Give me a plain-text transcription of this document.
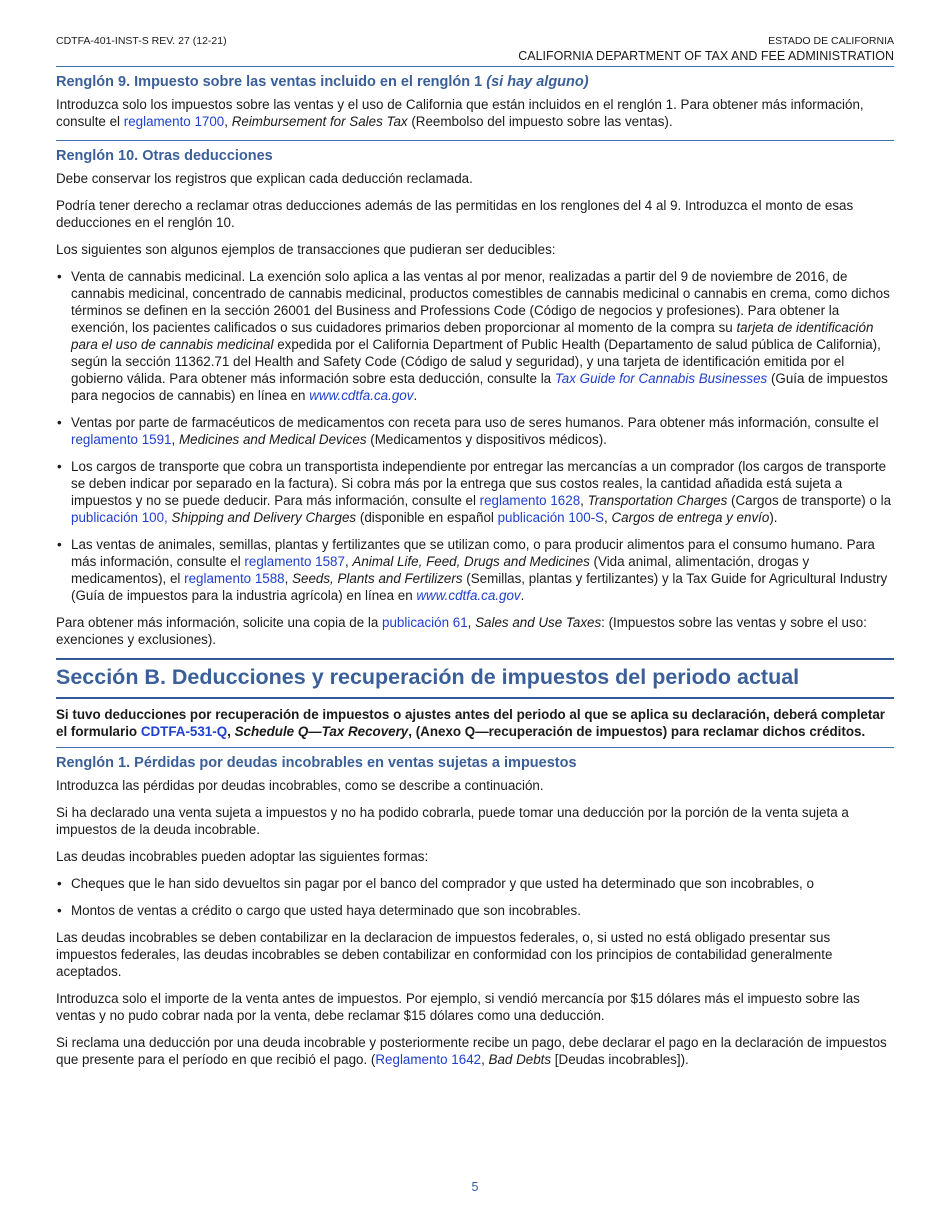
CDTFA-401-INST-S REV. 27 (12-21)	ESTADO DE CALIFORNIA
CALIFORNIA DEPARTMENT OF TAX AND FEE ADMINISTRATION
Renglón 9. Impuesto sobre las ventas incluido en el renglón 1 (si hay alguno)

Introduzca solo los impuestos sobre las ventas y el uso de California que están incluidos en el renglón 1. Para obtener más información, consulte el reglamento 1700, Reimbursement for Sales Tax (Reembolso del impuesto sobre las ventas).

Renglón 10. Otras deducciones

Debe conservar los registros que explican cada deducción reclamada.

Podría tener derecho a reclamar otras deducciones además de las permitidas en los renglones del 4 al 9. Introduzca el monto de esas deducciones en el renglón 10.

Los siguientes son algunos ejemplos de transacciones que pudieran ser deducibles:

• Venta de cannabis medicinal. La exención solo aplica a las ventas al por menor, realizadas a partir del 9 de noviembre de 2016, de cannabis medicinal, concentrado de cannabis medicinal, productos comestibles de cannabis medicinal o cannabis en crema, como dichos términos se definen en la sección 26001 del Business and Professions Code (Código de negocios y profesiones). Para obtener la exención, los pacientes calificados o sus cuidadores primarios deben proporcionar al momento de la compra su tarjeta de identificación para el uso de cannabis medicinal expedida por el California Department of Public Health (Departamento de salud pública de California), según la sección 11362.71 del Health and Safety Code (Código de salud y seguridad), y una tarjeta de identificación emitida por el gobierno válida. Para obtener más información sobre esta deducción, consulte la Tax Guide for Cannabis Businesses (Guía de impuestos para negocios de cannabis) en línea en www.cdtfa.ca.gov.
• Ventas por parte de farmacéuticos de medicamentos con receta para uso de seres humanos. Para obtener más información, consulte el reglamento 1591, Medicines and Medical Devices (Medicamentos y dispositivos médicos).
• Los cargos de transporte que cobra un transportista independiente por entregar las mercancías a un comprador (los cargos de transporte se deben indicar por separado en la factura). Si cobra más por la entrega que sus costos reales, la cantidad añadida está sujeta a impuestos y no se puede deducir. Para más información, consulte el reglamento 1628, Transportation Charges (Cargos de transporte) o la publicación 100, Shipping and Delivery Charges (disponible en español publicación 100-S, Cargos de entrega y envío).
• Las ventas de animales, semillas, plantas y fertilizantes que se utilizan como, o para producir alimentos para el consumo humano. Para más información, consulte el reglamento 1587, Animal Life, Feed, Drugs and Medicines (Vida animal, alimentación, drogas y medicamentos), el reglamento 1588, Seeds, Plants and Fertilizers (Semillas, plantas y fertilizantes) y la Tax Guide for Agricultural Industry (Guía de impuestos para la industria agrícola) en línea en www.cdtfa.ca.gov.

Para obtener más información, solicite una copia de la publicación 61, Sales and Use Taxes: (Impuestos sobre las ventas y sobre el uso: exenciones y exclusiones).

Sección B. Deducciones y recuperación de impuestos del periodo actual
Si tuvo deducciones por recuperación de impuestos o ajustes antes del periodo al que se aplica su declaración, deberá completar el formulario CDTFA-531-Q, Schedule Q—Tax Recovery, (Anexo Q—recuperación de impuestos) para reclamar dichos créditos.
Renglón 1. Pérdidas por deudas incobrables en ventas sujetas a impuestos

Introduzca las pérdidas por deudas incobrables, como se describe a continuación.

Si ha declarado una venta sujeta a impuestos y no ha podido cobrarla, puede tomar una deducción por la porción de la venta sujeta a impuestos de la deuda incobrable.

Las deudas incobrables pueden adoptar las siguientes formas:

• Cheques que le han sido devueltos sin pagar por el banco del comprador y que usted ha determinado que son incobrables, o
• Montos de ventas a crédito o cargo que usted haya determinado que son incobrables.

Las deudas incobrables se deben contabilizar en la declaracion de impuestos federales, o, si usted no está obligado presentar sus impuestos federales, las deudas incobrables se deben contabilizar en conformidad con los principios de contabilidad generalmente aceptados.

Introduzca solo el importe de la venta antes de impuestos. Por ejemplo, si vendió mercancía por $15 dólares más el impuesto sobre las ventas y no pudo cobrar nada por la venta, debe reclamar $15 dólares como una deducción.

Si reclama una deducción por una deuda incobrable y posteriormente recibe un pago, debe declarar el pago en la declaración de impuestos que presente para el período en que recibió el pago. (Reglamento 1642, Bad Debts [Deudas incobrables]).

5
